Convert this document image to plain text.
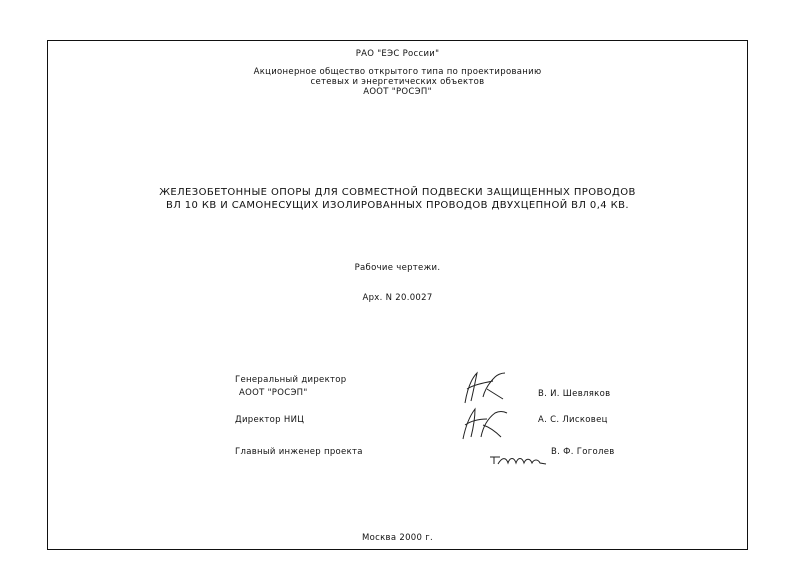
РАО "ЕЭС России"
Акционерное общество открытого типа по проектированию
сетевых и энергетических объектов
АООТ "РОСЭП"
ЖЕЛЕЗОБЕТОННЫЕ ОПОРЫ ДЛЯ СОВМЕСТНОЙ ПОДВЕСКИ ЗАЩИЩЕННЫХ ПРОВОДОВ
ВЛ 10 КВ И САМОНЕСУЩИХ ИЗОЛИРОВАННЫХ ПРОВОДОВ ДВУХЦЕПНОЙ ВЛ 0,4 КВ.
Рабочие чертежи.
Арх. N 20.0027
Генеральный директор
АООТ "РОСЭП"	В. И. Шевляков
Директор НИЦ	А. С. Лисковец
Главный инженер проекта	В. Ф. Гоголев
Москва 2000 г.
